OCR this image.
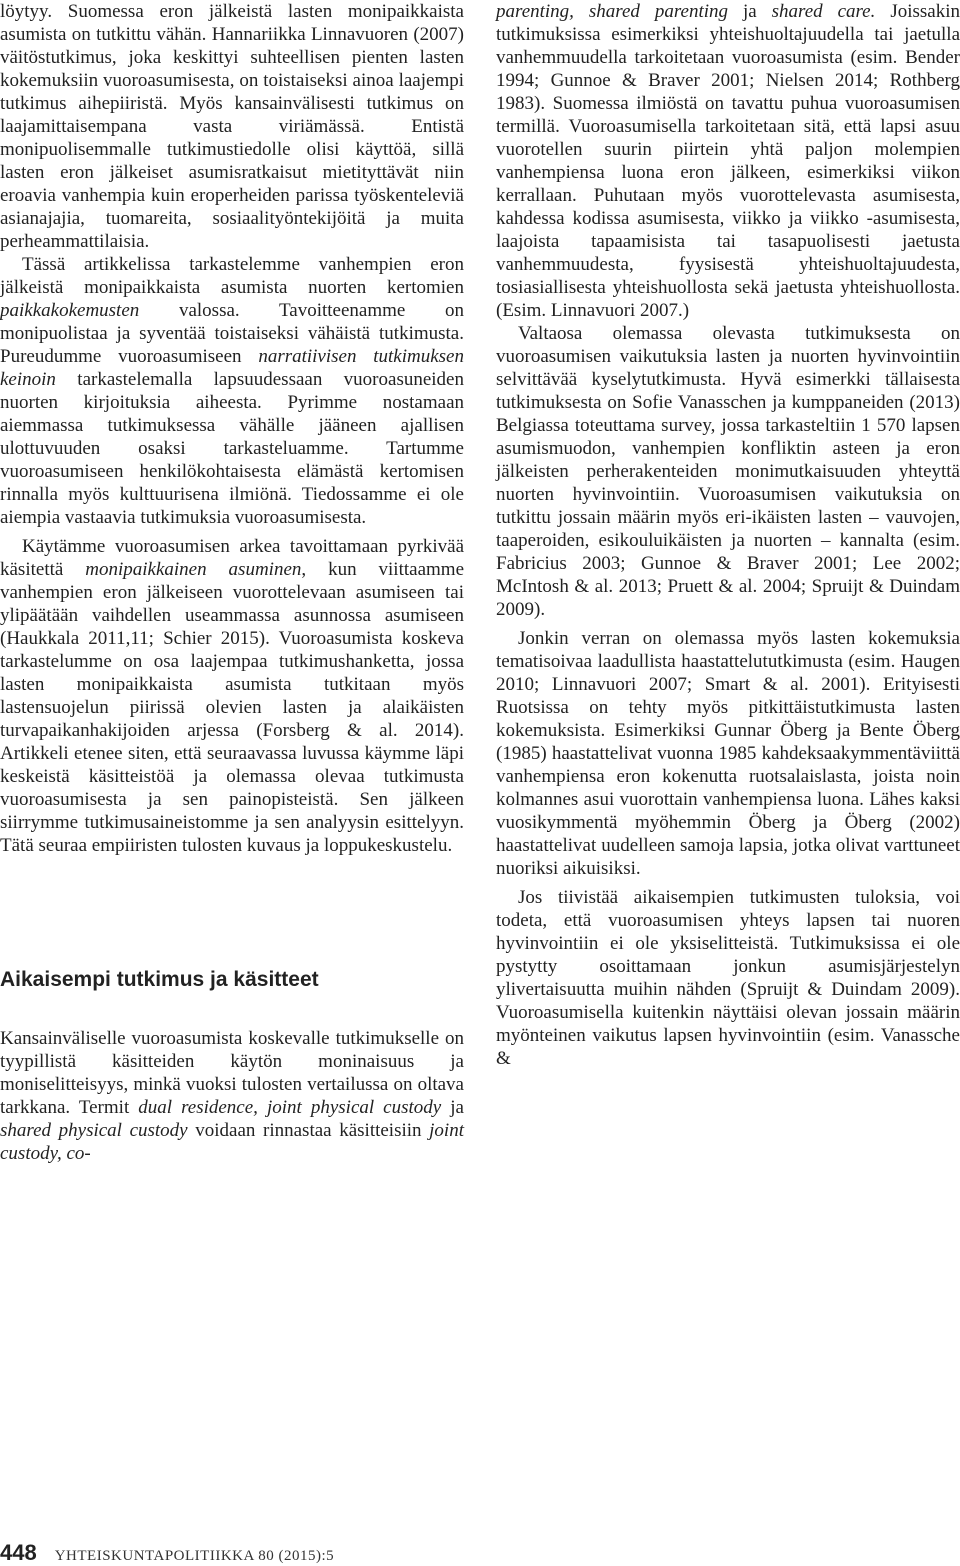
löytyy. Suomessa eron jälkeistä lasten monipaikkaista asumista on tutkittu vähän. Hannariikka Linnavuoren (2007) väitöstutkimus, joka keskittyi suhteellisen pienten lasten kokemuksiin vuoroasumisesta, on toistaiseksi ainoa laajempi tutkimus aihepiiristä. Myös kansainvälisesti tutkimus on laajamittaisempana vasta viriämässä. Entistä monipuolisemmalle tutkimustiedolle olisi käyttöä, sillä lasten eron jälkeiset asumisratkaisut mietityttävät niin eroavia vanhempia kuin eroperheiden parissa työskenteleviä asianajajia, tuomareita, sosiaalityöntekijöitä ja muita perheammattilaisia.

Tässä artikkelissa tarkastelemme vanhempien eron jälkeistä monipaikkaista asumista nuorten kertomien paikkakokemusten valossa. Tavoitteenamme on monipuolistaa ja syventää toistaiseksi vähäistä tutkimusta. Pureudumme vuoroasumiseen narratiivisen tutkimuksen keinoin tarkastelemalla lapsuudessaan vuoroasuneiden nuorten kirjoituksia aiheesta. Pyrimme nostamaan aiemmassa tutkimuksessa vähälle jääneen ajallisen ulottuvuuden osaksi tarkasteluamme. Tartumme vuoroasumiseen henkilökohtaisesta elämästä kertomisen rinnalla myös kulttuurisena ilmiönä. Tiedossamme ei ole aiempia vastaavia tutkimuksia vuoroasumisesta.

Käytämme vuoroasumisen arkea tavoittamaan pyrkivää käsitettä monipaikkainen asuminen, kun viittaamme vanhempien eron jälkeiseen vuorottelevaan asumiseen tai ylipäätään vaihdellen useammassa asunnossa asumiseen (Haukkala 2011,11; Schier 2015). Vuoroasumista koskeva tarkastelumme on osa laajempaa tutkimushanketta, jossa lasten monipaikkaista asumista tutkitaan myös lastensuojelun piirissä olevien lasten ja alaikäisten turvapaikanhakijoiden arjessa (Forsberg & al. 2014). Artikkeli etenee siten, että seuraavassa luvussa käymme läpi keskeistä käsitteistöä ja olemassa olevaa tutkimusta vuoroasumisesta ja sen painopisteistä. Sen jälkeen siirrymme tutkimusaineistomme ja sen analyysin esittelyyn. Tätä seuraa empiiristen tulosten kuvaus ja loppukeskustelu.

Aikaisempi tutkimus ja käsitteet

Kansainväliselle vuoroasumista koskevalle tutkimukselle on tyypillistä käsitteiden käytön moninaisuus ja moniselitteisyys, minkä vuoksi tulosten vertailussa on oltava tarkkana. Termit dual residence, joint physical custody ja shared physical custody voidaan rinnastaa käsitteisiin joint custody, co-

parenting, shared parenting ja shared care. Joissakin tutkimuksissa esimerkiksi yhteishuoltajuudella tai jaetulla vanhemmuudella tarkoitetaan vuoroasumista (esim. Bender 1994; Gunnoe & Braver 2001; Nielsen 2014; Rothberg 1983). Suomessa ilmiöstä on tavattu puhua vuoroasumisen termillä. Vuoroasumisella tarkoitetaan sitä, että lapsi asuu vuorotellen suurin piirtein yhtä paljon molempien vanhempiensa luona eron jälkeen, esimerkiksi viikon kerrallaan. Puhutaan myös vuorottelevasta asumisesta, kahdessa kodissa asumisesta, viikko ja viikko -asumisesta, laajoista tapaamisista tai tasapuolisesti jaetusta vanhemmuudesta, fyysisestä yhteishuoltajuudesta, tosiasiallisesta yhteishuollosta sekä jaetusta yhteishuollosta. (Esim. Linnavuori 2007.)

Valtaosa olemassa olevasta tutkimuksesta on vuoroasumisen vaikutuksia lasten ja nuorten hyvinvointiin selvittävää kyselytutkimusta. Hyvä esimerkki tällaisesta tutkimuksesta on Sofie Vanasschen ja kumppaneiden (2013) Belgiassa toteuttama survey, jossa tarkasteltiin 1 570 lapsen asumismuodon, vanhempien konfliktin asteen ja eron jälkeisten perherakenteiden monimutkaisuuden yhteyttä nuorten hyvinvointiin. Vuoroasumisen vaikutuksia on tutkittu jossain määrin myös eri-ikäisten lasten – vauvojen, taaperoiden, esikouluikäisten ja nuorten – kannalta (esim. Fabricius 2003; Gunnoe & Braver 2001; Lee 2002; McIntosh & al. 2013; Pruett & al. 2004; Spruijt & Duindam 2009).

Jonkin verran on olemassa myös lasten kokemuksia tematisoivaa laadullista haastattelututkimusta (esim. Haugen 2010; Linnavuori 2007; Smart & al. 2001). Erityisesti Ruotsissa on tehty myös pitkittäistutkimusta lasten kokemuksista. Esimerkiksi Gunnar Öberg ja Bente Öberg (1985) haastattelivat vuonna 1985 kahdeksaakymmentäviittä vanhempiensa eron kokenutta ruotsalaislasta, joista noin kolmannes asui vuorottain vanhempiensa luona. Lähes kaksi vuosikymmentä myöhemmin Öberg ja Öberg (2002) haastattelivat uudelleen samoja lapsia, jotka olivat varttuneet nuoriksi aikuisiksi.

Jos tiivistää aikaisempien tutkimusten tuloksia, voi todeta, että vuoroasumisen yhteys lapsen tai nuoren hyvinvointiin ei ole yksiselitteistä. Tutkimuksissa ei ole pystytty osoittamaan jonkun asumisjärjestelyn ylivertaisuutta muihin nähden (Spruijt & Duindam 2009). Vuoroasumisella kuitenkin näyttäisi olevan jossain määrin myönteinen vaikutus lapsen hyvinvointiin (esim. Vanassche &

448 YHTEISKUNTAPOLITIIKKA 80 (2015):5
